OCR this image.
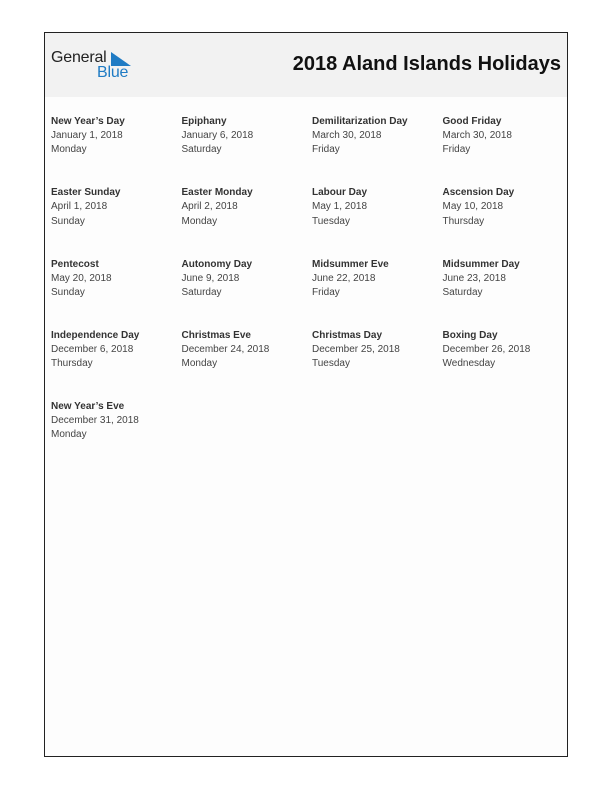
General
Blue	2018 Aland Islands Holidays
New Year’s Day
January 1, 2018
Monday
Epiphany
January 6, 2018
Saturday
Demilitarization Day
March 30, 2018
Friday
Good Friday
March 30, 2018
Friday
Easter Sunday
April 1, 2018
Sunday
Easter Monday
April 2, 2018
Monday
Labour Day
May 1, 2018
Tuesday
Ascension Day
May 10, 2018
Thursday
Pentecost
May 20, 2018
Sunday
Autonomy Day
June 9, 2018
Saturday
Midsummer Eve
June 22, 2018
Friday
Midsummer Day
June 23, 2018
Saturday
Independence Day
December 6, 2018
Thursday
Christmas Eve
December 24, 2018
Monday
Christmas Day
December 25, 2018
Tuesday
Boxing Day
December 26, 2018
Wednesday
New Year’s Eve
December 31, 2018
Monday
